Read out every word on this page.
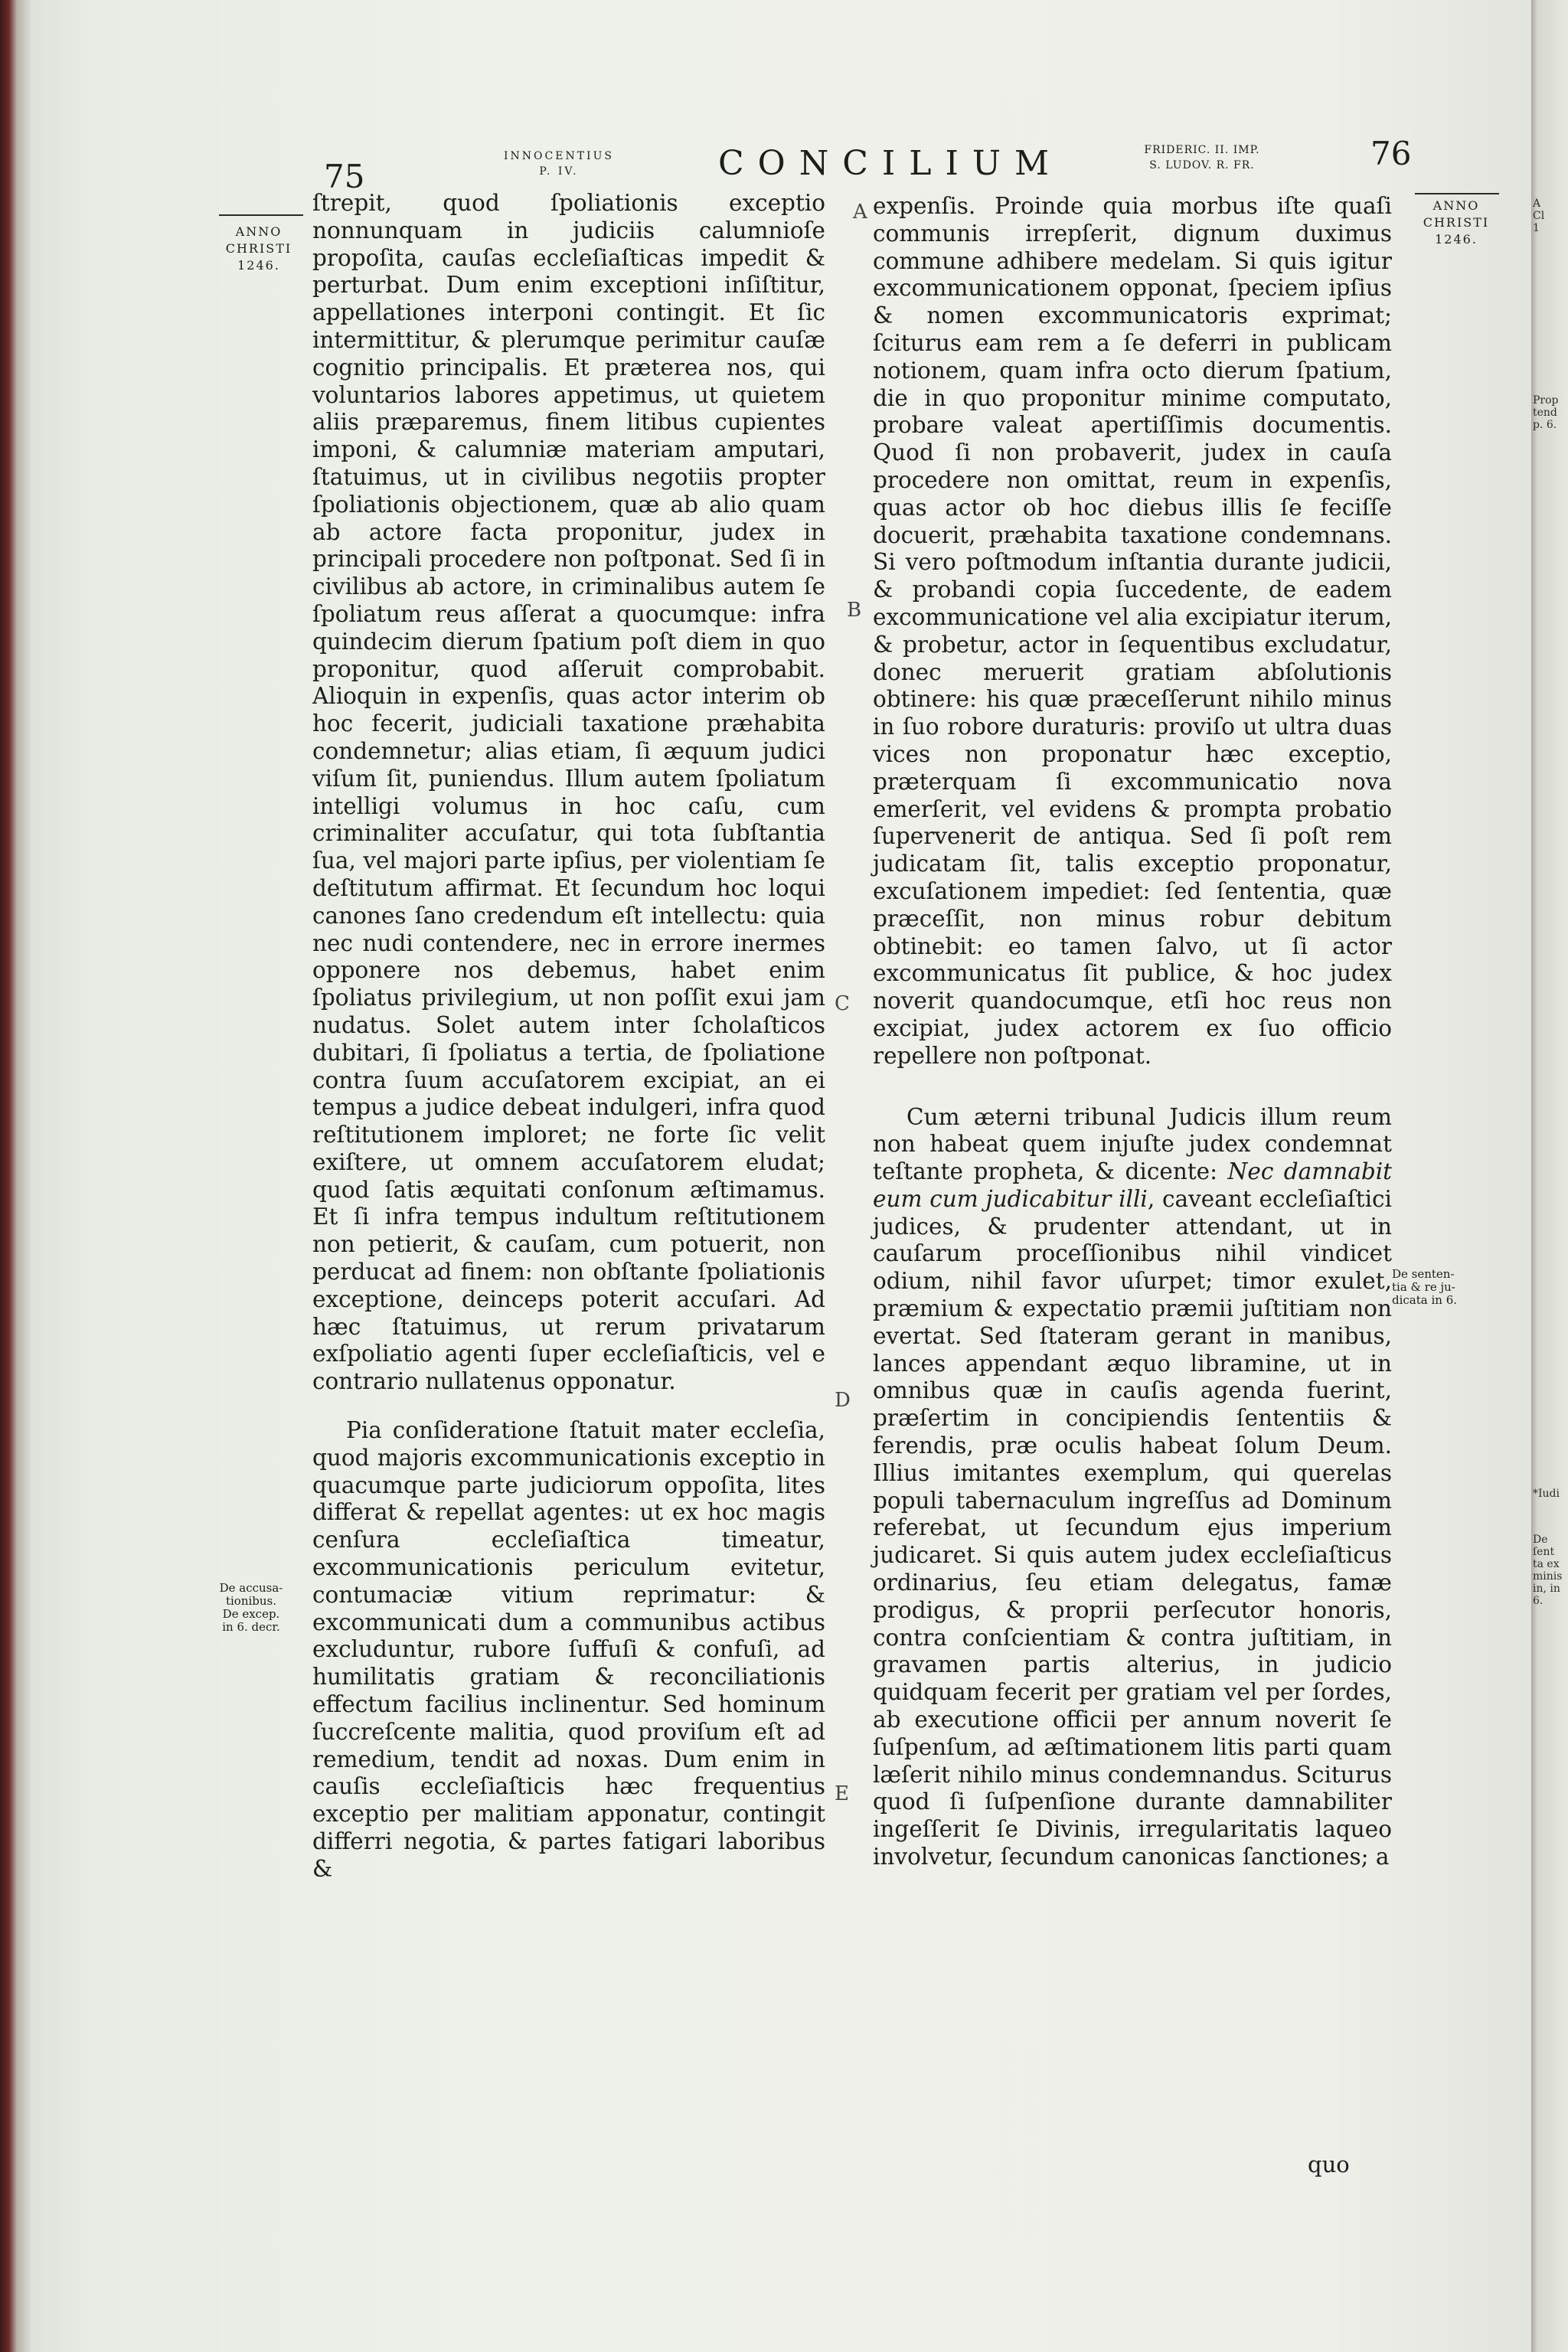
A
Cl
1
Prop
tend
p. 6.
*Iudi
De ſent
ta ex
minis
in, in
6.
75
INNOCENTIUS
P. IV.	CONCILIUM	FRIDERIC. II. IMP.
S. LUDOV. R. FR.	76
ANNO
CHRISTI
1246.
ANNO
CHRISTI
1246.
De accusa-
tionibus.
De excep.
in 6. decr.
De senten-
tia & re ju-
dicata in 6.
A
B
C
D
E

ſtrepit, quod ſpoliationis exceptio nonnunquam in judiciis calumnioſe propoſita, cauſas eccleſiaſticas impedit & perturbat. Dum enim exceptioni inſiſtitur, appellationes interponi contingit. Et ſic intermittitur, & plerumque perimitur cauſæ cognitio principalis. Et præterea nos, qui voluntarios labores appetimus, ut quietem aliis præparemus, finem litibus cupientes imponi, & calumniæ materiam amputari, ſtatuimus, ut in civilibus negotiis propter ſpoliationis objectionem, quæ ab alio quam ab actore facta proponitur, judex in principali procedere non poſtponat. Sed ſi in civilibus ab actore, in criminalibus autem ſe ſpoliatum reus aſſerat a quocumque: infra quindecim dierum ſpatium poſt diem in quo proponitur, quod aſſeruit comprobabit. Alioquin in expenſis, quas actor interim ob hoc fecerit, judiciali taxatione præhabita condemnetur; alias etiam, ſi æquum judici viſum ſit, puniendus. Illum autem ſpoliatum intelligi volumus in hoc caſu, cum criminaliter accuſatur, qui tota ſubſtantia ſua, vel majori parte ipſius, per violentiam ſe deſtitutum affirmat. Et ſecundum hoc loqui canones ſano credendum eſt intellectu: quia nec nudi contendere, nec in errore inermes opponere nos debemus, habet enim ſpoliatus privilegium, ut non poſſit exui jam nudatus. Solet autem inter ſcholaſticos dubitari, ſi ſpoliatus a tertia, de ſpoliatione contra ſuum accuſatorem excipiat, an ei tempus a judice debeat indulgeri, infra quod reſtitutionem imploret; ne forte ſic velit exiſtere, ut omnem accuſatorem eludat; quod ſatis æquitati conſonum æſtimamus. Et ſi infra tempus indultum reſtitutionem non petierit, & cauſam, cum potuerit, non perducat ad finem: non obſtante ſpoliationis exceptione, deinceps poterit accuſari. Ad hæc ſtatuimus, ut rerum privatarum exſpoliatio agenti ſuper eccleſiaſticis, vel e contrario nullatenus opponatur.

Pia conſideratione ſtatuit mater eccleſia, quod majoris excommunicationis exceptio in quacumque parte judiciorum oppoſita, lites differat & repellat agentes: ut ex hoc magis cenſura eccleſiaſtica timeatur, excommunicationis periculum evitetur, contumaciæ vitium reprimatur: & excommunicati dum a communibus actibus excluduntur, rubore ſuffuſi & confuſi, ad humilitatis gratiam & reconciliationis effectum facilius inclinentur. Sed hominum ſuccreſcente malitia, quod proviſum eſt ad remedium, tendit ad noxas. Dum enim in cauſis eccleſiaſticis hæc frequentius exceptio per malitiam apponatur, contingit differri negotia, & partes fatigari laboribus &

expenſis. Proinde quia morbus iſte quaſi communis irrepſerit, dignum duximus commune adhibere medelam. Si quis igitur excommunicationem opponat, ſpeciem ipſius & nomen excommunicatoris exprimat; ſciturus eam rem a ſe deferri in publicam notionem, quam infra octo dierum ſpatium, die in quo proponitur minime computato, probare valeat apertiſſimis documentis. Quod ſi non probaverit, judex in cauſa procedere non omittat, reum in expenſis, quas actor ob hoc diebus illis ſe feciſſe docuerit, præhabita taxatione condemnans. Si vero poſtmodum inſtantia durante judicii, & probandi copia ſuccedente, de eadem excommunicatione vel alia excipiatur iterum, & probetur, actor in ſequentibus excludatur, donec meruerit gratiam abſolutionis obtinere: his quæ præceſſerunt nihilo minus in ſuo robore duraturis: proviſo ut ultra duas vices non proponatur hæc exceptio, præterquam ſi excommunicatio nova emerſerit, vel evidens & prompta probatio ſupervenerit de antiqua. Sed ſi poſt rem judicatam ſit, talis exceptio proponatur, excuſationem impediet: ſed ſententia, quæ præceſſit, non minus robur debitum obtinebit: eo tamen ſalvo, ut ſi actor excommunicatus ſit publice, & hoc judex noverit quandocumque, etſi hoc reus non excipiat, judex actorem ex ſuo officio repellere non poſtponat.

Cum æterni tribunal Judicis illum reum non habeat quem injuſte judex condemnat teſtante propheta, & dicente: Nec damnabit eum cum judicabitur illi, caveant eccleſiaſtici judices, & prudenter attendant, ut in cauſarum proceſſionibus nihil vindicet odium, nihil favor uſurpet; timor exulet, præmium & expectatio præmii juſtitiam non evertat. Sed ſtateram gerant in manibus, lances appendant æquo libramine, ut in omnibus quæ in cauſis agenda fuerint, præſertim in concipiendis ſententiis & ferendis, præ oculis habeat ſolum Deum. Illius imitantes exemplum, qui querelas populi tabernaculum ingreſſus ad Dominum referebat, ut ſecundum ejus imperium judicaret. Si quis autem judex eccleſiaſticus ordinarius, ſeu etiam delegatus, famæ prodigus, & proprii perſecutor honoris, contra conſcientiam & contra juſtitiam, in gravamen partis alterius, in judicio quidquam fecerit per gratiam vel per ſordes, ab executione officii per annum noverit ſe ſuſpenſum, ad æſtimationem litis parti quam læſerit nihilo minus condemnandus. Sciturus quod ſi ſuſpenſione durante damnabiliter ingeſſerit ſe Divinis, irregularitatis laqueo involvetur, ſecundum canonicas ſanctiones; a

quo
